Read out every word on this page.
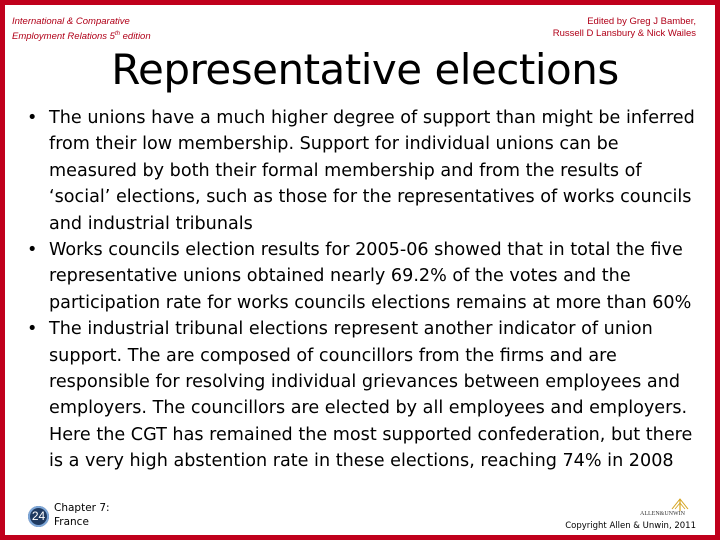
International & Comparative
Employment Relations 5th edition
Edited by Greg J Bamber,
Russell D Lansbury & Nick Wailes
Representative elections
• The unions have a much higher degree of support than might be inferred from their low membership. Support for individual unions can be measured by both their formal membership and from the results of ‘social’ elections, such as those for the representatives of works councils and industrial tribunals
• Works councils election results for 2005-06 showed that in total the five representative unions obtained nearly 69.2% of the votes and the participation rate for works councils elections remains at more than 60%
• The industrial tribunal elections represent another indicator of union support. The are composed of councillors from the firms and are responsible for resolving individual grievances between employees and employers. The councillors are elected by all employees and employers. Here the CGT has remained the most supported confederation, but there is a very high abstention rate in these elections, reaching 74% in 2008
24
Chapter 7:
France
ALLEN&UNWIN
Copyright Allen & Unwin, 2011
